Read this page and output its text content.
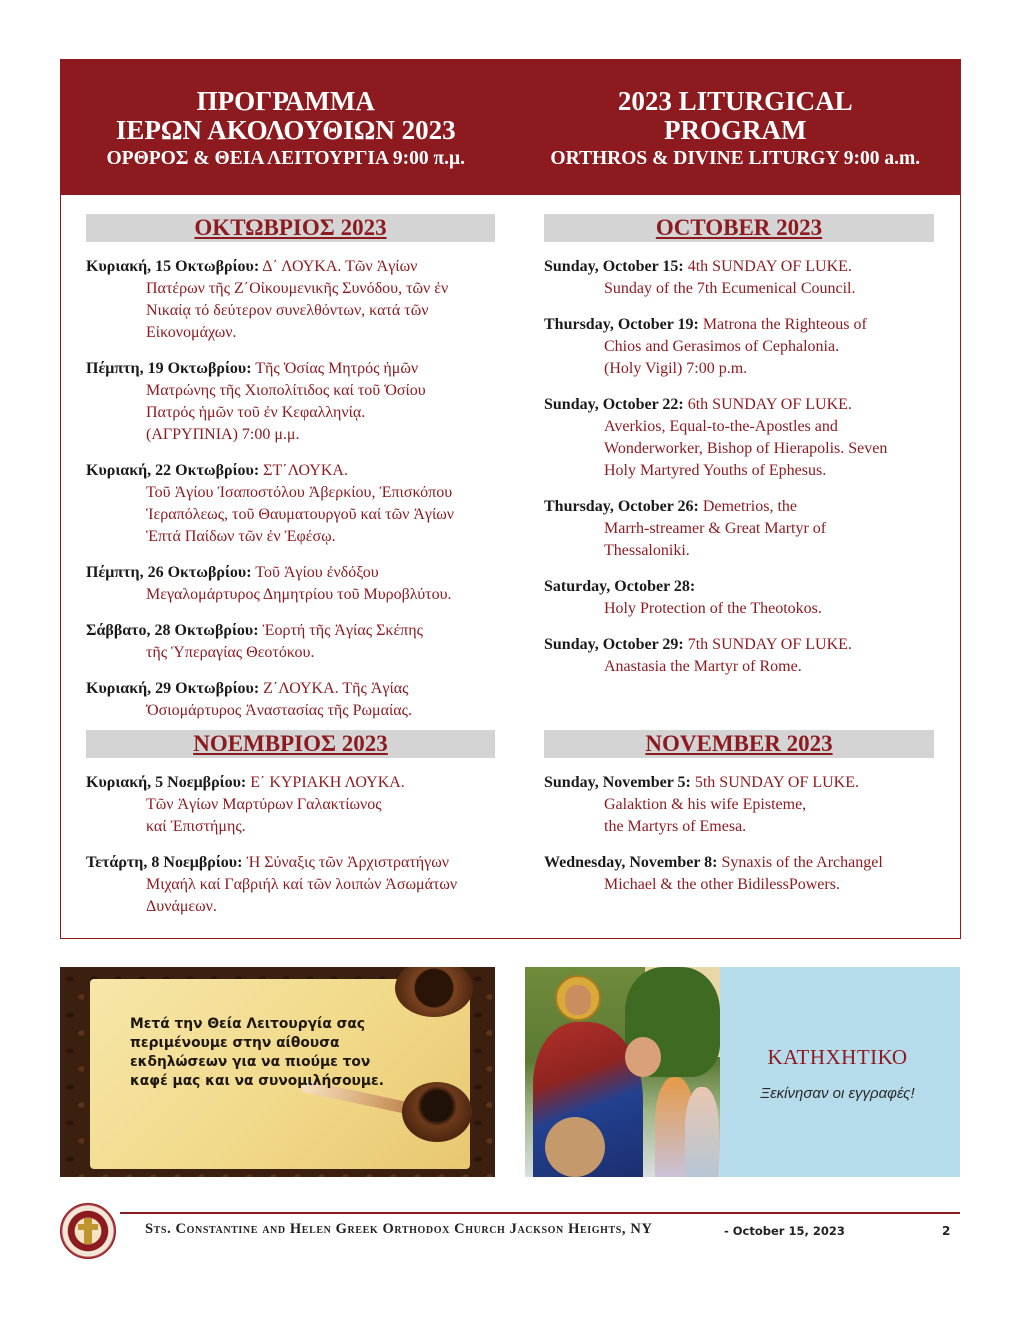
ΠΡΟΓΡΑΜΜΑ
ΙΕΡΩΝ ΑΚΟΛΟΥΘΙΩΝ 2023
ΟΡΘΡΟΣ & ΘΕΙΑ ΛΕΙΤΟΥΡΓΙΑ 9:00 π.μ.
2023 LITURGICAL
PROGRAM
ORTHROS & DIVINE LITURGY 9:00 a.m.
ΟΚΤΩΒΡΙΟΣ 2023
Κυριακή, 15 Οκτωβρίου: Δ΄ ΛΟΥΚΑ. Τῶν Ἁγίων
Πατέρων τῆς Ζ΄Οἰκουμενικῆς Συνόδου, τῶν ἐν
Νικαίᾳ τό δεύτερον συνελθόντων, κατά τῶν
Εἰκονομάχων.
Πέμπτη, 19 Οκτωβρίου: Τῆς Ὁσίας Μητρός ἡμῶν
Ματρώνης τῆς Χιοπολίτιδος καί τοῦ Ὁσίου
Πατρός ἡμῶν τοῦ ἐν Κεφαλληνίᾳ.
(ΑΓΡΥΠΝΙΑ) 7:00 μ.μ.
Κυριακή, 22 Οκτωβρίου: ΣΤ΄ΛΟΥΚΑ.
Τοῦ Ἁγίου Ἰσαποστόλου Ἀβερκίου, Ἐπισκόπου
Ἱεραπόλεως, τοῦ Θαυματουργοῦ καί τῶν Ἁγίων
Ἑπτά Παίδων τῶν ἐν Ἐφέσῳ.
Πέμπτη, 26 Οκτωβρίου: Τοῦ Ἁγίου ἐνδόξου
Μεγαλομάρτυρος Δημητρίου τοῦ Μυροβλύτου.
Σάββατο, 28 Οκτωβρίου: Ἑορτή τῆς Ἁγίας Σκέπης
τῆς Ὑπεραγίας Θεοτόκου.
Κυριακή, 29 Οκτωβρίου: Ζ΄ΛΟΥΚΑ. Τῆς Ἁγίας
Ὁσιομάρτυρος Ἀναστασίας τῆς Ρωμαίας.
ΝΟΕΜΒΡΙΟΣ 2023
Κυριακή, 5 Νοεμβρίου: Ε΄ ΚΥΡΙΑΚΗ ΛΟΥΚΑ.
Τῶν Ἁγίων Μαρτύρων Γαλακτίωνος
καί Ἐπιστήμης.
Τετάρτη, 8 Νοεμβρίου: Ἡ Σύναξις τῶν Ἀρχιστρατήγων
Μιχαήλ καί Γαβριήλ καί τῶν λοιπών Ἀσωμάτων
Δυνάμεων.
OCTOBER 2023
Sunday, October 15: 4th SUNDAY OF LUKE.
Sunday of the 7th Ecumenical Council.
Thursday, October 19: Matrona the Righteous of
Chios and Gerasimos of Cephalonia.
(Holy Vigil) 7:00 p.m.
Sunday, October 22: 6th SUNDAY OF LUKE.
Averkios, Equal-to-the-Apostles and
Wonderworker, Bishop of Hierapolis. Seven
Holy Martyred Youths of Ephesus.
Thursday, October 26: Demetrios, the
Marrh-streamer & Great Martyr of
Thessaloniki.
Saturday, October 28:
Holy Protection of the Theotokos.
Sunday, October 29: 7th SUNDAY OF LUKE.
Anastasia the Martyr of Rome.
NOVEMBER 2023
Sunday, November 5: 5th SUNDAY OF LUKE.
Galaktion & his wife Episteme,
the Martyrs of Emesa.
Wednesday, November 8: Synaxis of the Archangel
Michael & the other BidilessPowers.
Μετά την Θεία Λειτουργία σας περιμένουμε στην αίθουσα εκδηλώσεων για να πιούμε τον καφέ μας και να συνομιλήσουμε.
ΚΑΤΗΧΗΤΙΚΟ
Ξεκίνησαν οι εγγραφές!
Sts. Constantine and Helen Greek Orthodox Church Jackson Heights, NY	- October 15, 2023	2
